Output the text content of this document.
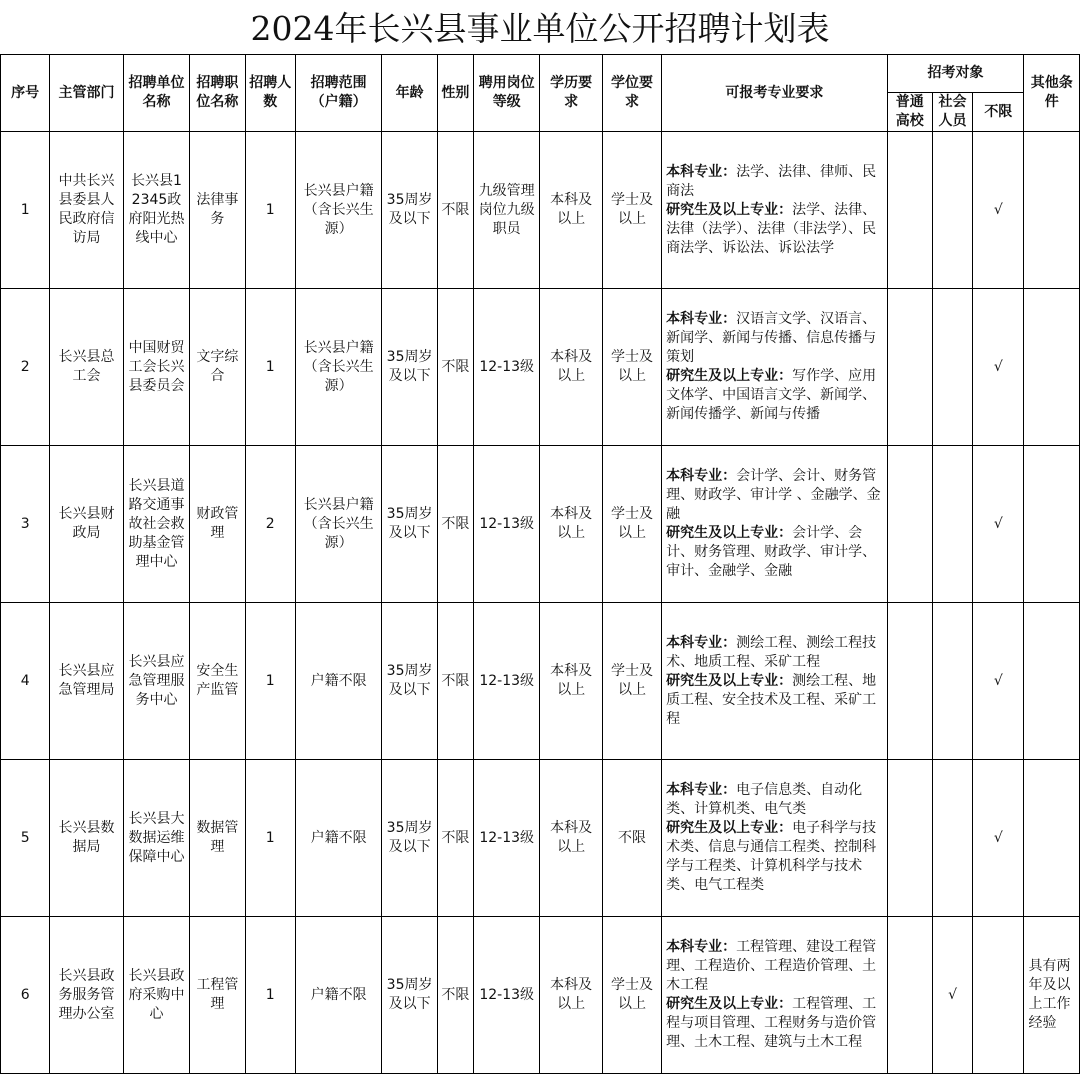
2024年长兴县事业单位公开招聘计划表
序号	主管部门	招聘单位名称	招聘职位名称	招聘人数	招聘范围（户籍）	年龄	性别	聘用岗位等级	学历要求	学位要求	可报考专业要求	招考对象			其他条件
												普通高校	社会人员	不限	
1	中共长兴县委县人民政府信访局	长兴县12345政府阳光热线中心	法律事务	1	长兴县户籍（含长兴生源）	35周岁及以下	不限	九级管理岗位九级职员	本科及以上	学士及以上	本科专业：法学、法律、律师、民商法
研究生及以上专业：法学、法律、法律（法学）、法律（非法学）、民商法学、诉讼法、诉讼法学			√	
2	长兴县总工会	中国财贸工会长兴县委员会	文字综合	1	长兴县户籍（含长兴生源）	35周岁及以下	不限	12-13级	本科及以上	学士及以上	本科专业：汉语言文学、汉语言、新闻学、新闻与传播、信息传播与策划
研究生及以上专业：写作学、应用文体学、中国语言文学、新闻学、新闻传播学、新闻与传播			√	
3	长兴县财政局	长兴县道路交通事故社会救助基金管理中心	财政管理	2	长兴县户籍（含长兴生源）	35周岁及以下	不限	12-13级	本科及以上	学士及以上	本科专业：会计学、会计、财务管理、财政学、审计学 、金融学、金融
研究生及以上专业：会计学、会计、财务管理、财政学、审计学、审计、金融学、金融			√	
4	长兴县应急管理局	长兴县应急管理服务中心	安全生产监管	1	户籍不限	35周岁及以下	不限	12-13级	本科及以上	学士及以上	本科专业：测绘工程、测绘工程技术、地质工程、采矿工程
研究生及以上专业：测绘工程、地质工程、安全技术及工程、采矿工程			√	
5	长兴县数据局	长兴县大数据运维保障中心	数据管理	1	户籍不限	35周岁及以下	不限	12-13级	本科及以上	不限	本科专业：电子信息类、自动化类、计算机类、电气类
研究生及以上专业：电子科学与技术类、信息与通信工程类、控制科学与工程类、计算机科学与技术类、电气工程类			√	
6	长兴县政务服务管理办公室	长兴县政府采购中心	工程管理	1	户籍不限	35周岁及以下	不限	12-13级	本科及以上	学士及以上	本科专业：工程管理、建设工程管理、工程造价、工程造价管理、土木工程
研究生及以上专业：工程管理、工程与项目管理、工程财务与造价管理、土木工程、建筑与土木工程		√		具有两年及以上工作经验
